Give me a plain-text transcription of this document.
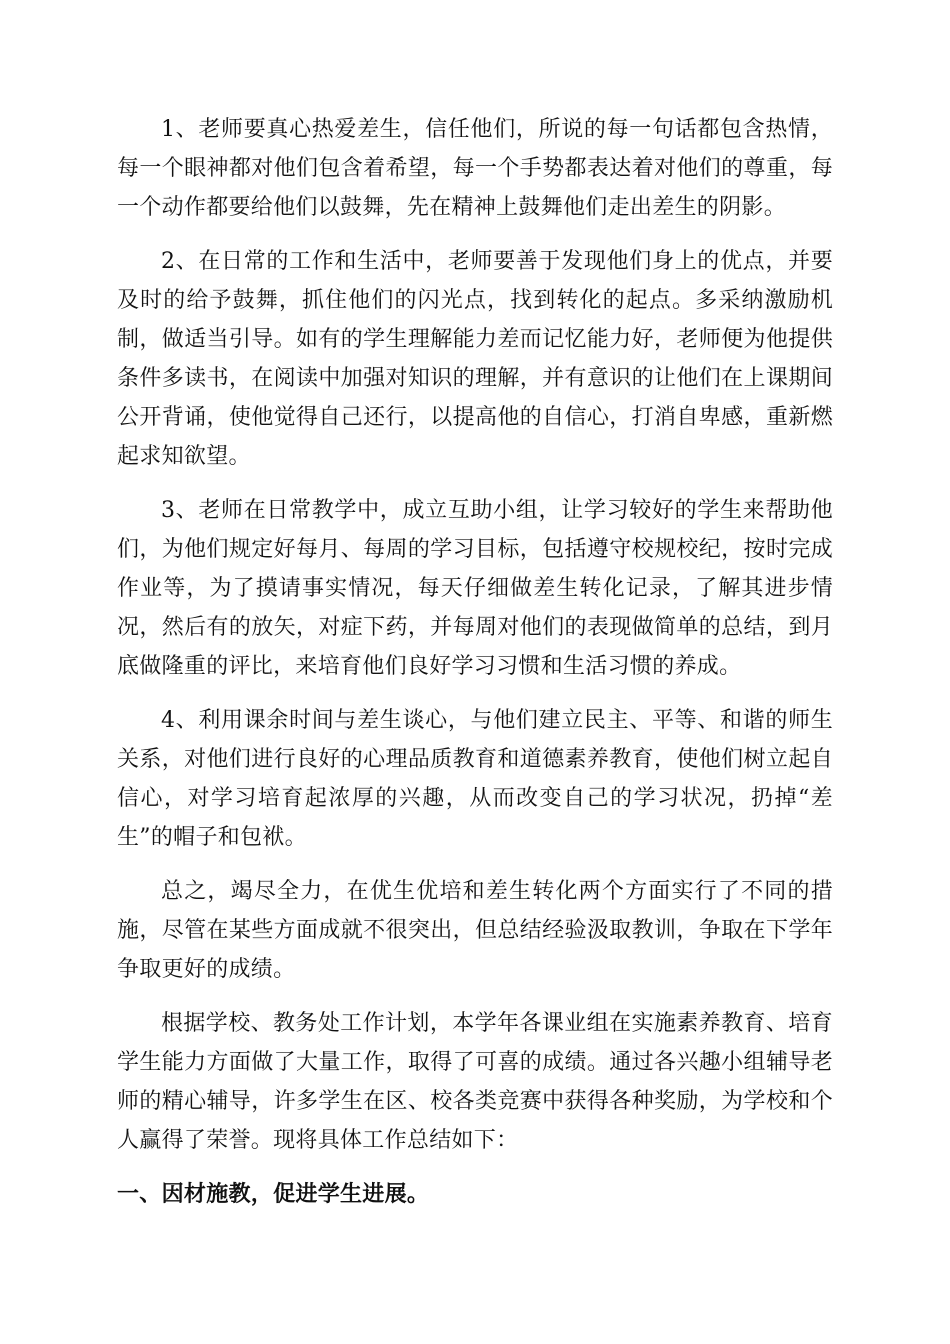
1、老师要真心热爱差生，信任他们，所说的每一句话都包含热情，每一个眼神都对他们包含着希望，每一个手势都表达着对他们的尊重，每一个动作都要给他们以鼓舞，先在精神上鼓舞他们走出差生的阴影。

2、在日常的工作和生活中，老师要善于发现他们身上的优点，并要及时的给予鼓舞，抓住他们的闪光点，找到转化的起点。多采纳激励机制，做适当引导。如有的学生理解能力差而记忆能力好，老师便为他提供条件多读书，在阅读中加强对知识的理解，并有意识的让他们在上课期间公开背诵，使他觉得自己还行，以提高他的自信心，打消自卑感，重新燃起求知欲望。

3、老师在日常教学中，成立互助小组，让学习较好的学生来帮助他们，为他们规定好每月、每周的学习目标，包括遵守校规校纪，按时完成作业等，为了摸请事实情况，每天仔细做差生转化记录，了解其进步情况，然后有的放矢，对症下药，并每周对他们的表现做简单的总结，到月底做隆重的评比，来培育他们良好学习习惯和生活习惯的养成。

4、利用课余时间与差生谈心，与他们建立民主、平等、和谐的师生关系，对他们进行良好的心理品质教育和道德素养教育，使他们树立起自信心，对学习培育起浓厚的兴趣，从而改变自己的学习状况，扔掉“差生”的帽子和包袱。

总之，竭尽全力，在优生优培和差生转化两个方面实行了不同的措施，尽管在某些方面成就不很突出，但总结经验汲取教训，争取在下学年争取更好的成绩。

根据学校、教务处工作计划，本学年各课业组在实施素养教育、培育学生能力方面做了大量工作，取得了可喜的成绩。通过各兴趣小组辅导老师的精心辅导，许多学生在区、校各类竞赛中获得各种奖励，为学校和个人赢得了荣誉。现将具体工作总结如下：

一、因材施教，促进学生进展。
